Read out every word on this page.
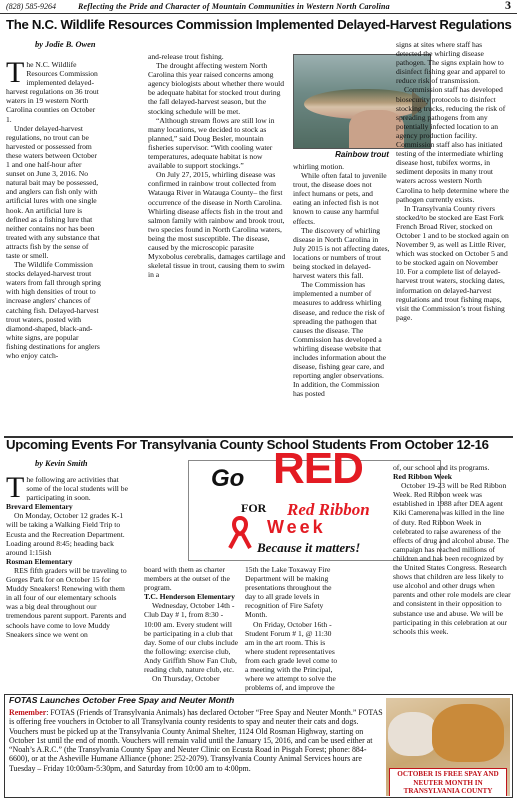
(828) 585-9264	Reflecting the Pride and Character of Mountain Communities in Western North Carolina	3
The N.C. Wildlife Resources Commission Implemented Delayed-Harvest Regulations
by Jodie B. Owen

The N.C. Wildlife Resources Commission implemented delayed-harvest regulations on 36 trout waters in 19 western North Carolina counties on October 1.

Under delayed-harvest regulations, no trout can be harvested or possessed from these waters between October 1 and one half-hour after sunset on June 3, 2016. No natural bait may be possessed, and anglers can fish only with artificial lures with one single hook. An artificial lure is defined as a fishing lure that neither contains nor has been treated with any substance that attracts fish by the sense of taste or smell.

The Wildlife Commission stocks delayed-harvest trout waters from fall through spring with high densities of trout to increase anglers' chances of catching fish. Delayed-harvest trout waters, posted with diamond-shaped, black-and-white signs, are popular fishing destinations for anglers who enjoy catch-

and-release trout fishing.

The drought affecting western North Carolina this year raised concerns among agency biologists about whether there would be adequate habitat for stocked trout during the fall delayed-harvest season, but the stocking schedule will be met.

“Although stream flows are still low in many locations, we decided to stock as planned,” said Doug Besler, mountain fisheries supervisor. “With cooling water temperatures, adequate habitat is now available to support stockings.”

On July 27, 2015, whirling disease was confirmed in rainbow trout collected from Watauga River in Watauga County– the first occurrence of the disease in North Carolina. Whirling disease affects fish in the trout and salmon family with rainbow and brook trout, two species found in North Carolina waters, being the most susceptible. The disease, caused by the microscopic parasite Myxobolus cerebralis, damages cartilage and skeletal tissue in trout, causing them to swim in a

Rainbow trout

whirling motion.

While often fatal to juvenile trout, the disease does not infect humans or pets, and eating an infected fish is not known to cause any harmful effects.

The discovery of whirling disease in North Carolina in July 2015 is not affecting dates, locations or numbers of trout being stocked in delayed-harvest waters this fall.

The Commission has implemented a number of measures to address whirling disease, and reduce the risk of spreading the pathogen that causes the disease. The Commission has developed a whirling disease website that includes information about the disease, fishing gear care, and reporting angler observations. In addition, the Commission has posted

signs at sites where staff has detected the whirling disease pathogen. The signs explain how to disinfect fishing gear and apparel to reduce risk of transmission.

Commission staff has developed biosecurity protocols to disinfect stocking trucks, reducing the risk of spreading pathogens from any potentially infected location to an agency production facility. Commission staff also has initiated testing of the intermediate whirling disease host, tubifex worms, in sediment deposits in many trout waters across western North Carolina to help determine where the pathogen currently exists.

In Transylvania County rivers stocked/to be stocked are East Fork French Broad River, stocked on October 1 and to be stocked again on November 9, as well as Little River, which was stocked on October 5 and to be stocked again on November 10. For a complete list of delayed-harvest trout waters, stocking dates, information on delayed-harvest regulations and trout fishing maps, visit the Commission’s trout fishing page.

Upcoming Events For Transylvania County School Students From October 12-16
by Kevin Smith

The following are activities that some of the local students will be participating in soon.

Brevard Elementary

On Monday, October 12 grades K-1 will be taking a Walking Field Trip to Ecusta and the Recreation Department. Loading around 8:45; heading back around 1:15ish

Rosman Elementary

RES fifth graders will be traveling to Gorges Park for on October 15 for Muddy Sneakers! Renewing with them in all four of our elementary schools was a big deal throughout our tremendous parent support. Parents and schools have come to love Muddy Sneakers since we went on

Go RED
FOR Red Ribbon
Week
Because it matters!

board with them as charter members at the outset of the program.

T.C. Henderson Elementary

Wednesday, October 14th - Club Day # 1, from 8:30 - 10:00 am. Every student will be participating in a club that day. Some of our clubs include the following: exercise club, Andy Griffith Show Fan Club, reading club, nature club, etc.

On Thursday, October

15th the Lake Toxaway Fire Department will be making presentations throughout the day to all grade levels in recognition of Fire Safety Month.

On Friday, October 16th - Student Forum # 1, @ 11:30 am in the art room. This is where student representatives from each grade level come to a meeting with the Principal, where we attempt to solve the problems of, and improve the

of, our school and its programs.

Red Ribbon Week

October 19-23 will be Red Ribbon Week. Red Ribbon week was established in 1988 after DEA agent Kiki Camerena was killed in the line of duty. Red Ribbon Week in celebrated to raise awareness of the effects of drug and alcohol abuse. The campaign has reached millions of children and has been recognized by the United States Congress. Research shows that children are less likely to use alcohol and other drugs when parents and other role models are clear and consistent in their opposition to substance use and abuse. We will be participating in this celebration at our schools this week.

FOTAS Launches October Free Spay and Neuter Month
Remember: FOTAS (Friends of Transylvania Animals) has declared October “Free Spay and Neuter Month.” FOTAS is offering free vouchers in October to all Transylvania county residents to spay and neuter their cats and dogs. Vouchers must be picked up at the Transylvania County Animal Shelter, 1124 Old Rosman Highway, starting on October 1st until the end of month. Vouchers will remain valid until the January 15, 2016, and can be used either at “Noah’s A.R.C.” (the Transylvania County Spay and Neuter Clinic on Ecusta Road in Pisgah Forest; phone: 884-6600), or at the Asheville Humane Alliance (phone: 252-2079). Transylvania County Animal Services hours are Tuesday – Friday 10:00am-5:30pm, and Saturday from 10:00 am to 4:00pm.
OCTOBER IS FREE SPAY AND NEUTER MONTH IN TRANSYLVANIA COUNTY
